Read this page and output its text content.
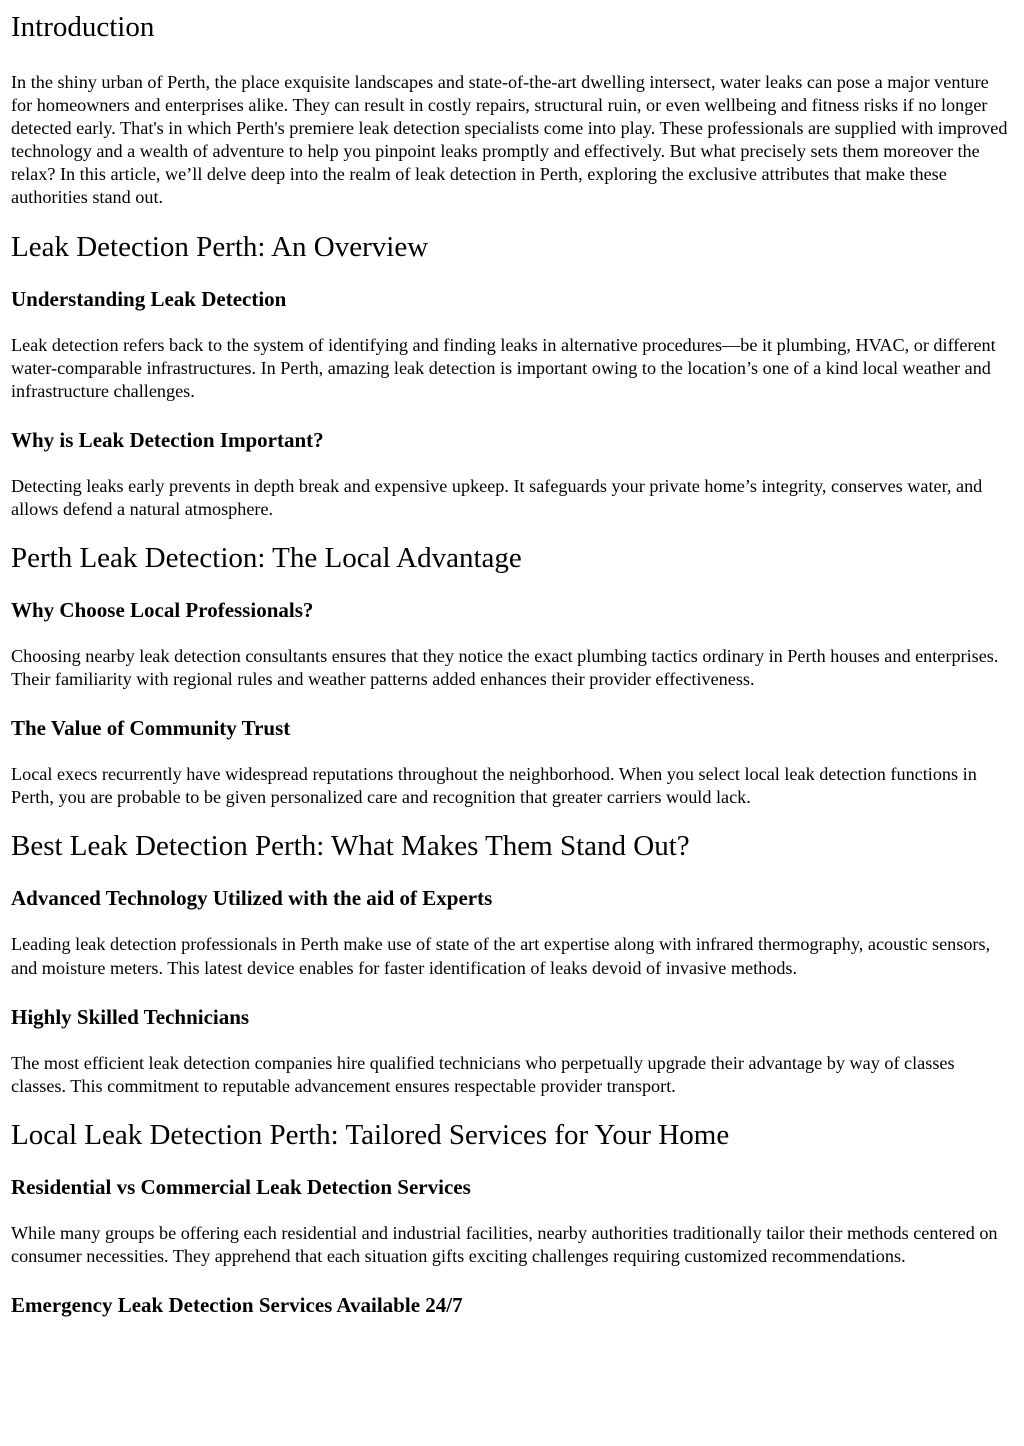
Introduction

In the shiny urban of Perth, the place exquisite landscapes and state-of-the-art dwelling intersect, water leaks can pose a major venture for homeowners and enterprises alike. They can result in costly repairs, structural ruin, or even wellbeing and fitness risks if no longer detected early. That's in which Perth's premiere leak detection specialists come into play. These professionals are supplied with improved technology and a wealth of adventure to help you pinpoint leaks promptly and effectively. But what precisely sets them moreover the relax? In this article, we’ll delve deep into the realm of leak detection in Perth, exploring the exclusive attributes that make these authorities stand out.

Leak Detection Perth: An Overview
Understanding Leak Detection

Leak detection refers back to the system of identifying and finding leaks in alternative procedures—be it plumbing, HVAC, or different water-comparable infrastructures. In Perth, amazing leak detection is important owing to the location’s one of a kind local weather and infrastructure challenges.

Why is Leak Detection Important?

Detecting leaks early prevents in depth break and expensive upkeep. It safeguards your private home’s integrity, conserves water, and allows defend a natural atmosphere.

Perth Leak Detection: The Local Advantage
Why Choose Local Professionals?

Choosing nearby leak detection consultants ensures that they notice the exact plumbing tactics ordinary in Perth houses and enterprises. Their familiarity with regional rules and weather patterns added enhances their provider effectiveness.

The Value of Community Trust

Local execs recurrently have widespread reputations throughout the neighborhood. When you select local leak detection functions in Perth, you are probable to be given personalized care and recognition that greater carriers would lack.

Best Leak Detection Perth: What Makes Them Stand Out?
Advanced Technology Utilized with the aid of Experts

Leading leak detection professionals in Perth make use of state of the art expertise along with infrared thermography, acoustic sensors, and moisture meters. This latest device enables for faster identification of leaks devoid of invasive methods.

Highly Skilled Technicians

The most efficient leak detection companies hire qualified technicians who perpetually upgrade their advantage by way of classes classes. This commitment to reputable advancement ensures respectable provider transport.

Local Leak Detection Perth: Tailored Services for Your Home
Residential vs Commercial Leak Detection Services

While many groups be offering each residential and industrial facilities, nearby authorities traditionally tailor their methods centered on consumer necessities. They apprehend that each situation gifts exciting challenges requiring customized recommendations.

Emergency Leak Detection Services Available 24/7
